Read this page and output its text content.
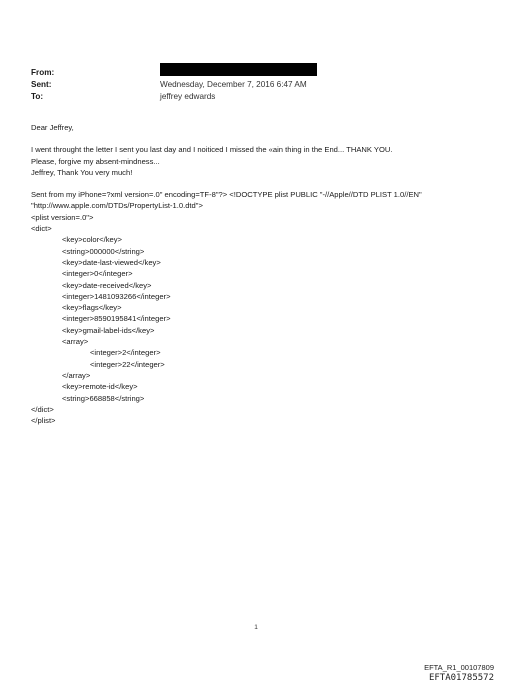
From:
Sent:	Wednesday, December 7, 2016 6:47 AM
To:	jeffrey edwards

Dear Jeffrey,

I went throught the letter I sent you last day and I noiticed I missed the «ain thing in the End... THANK YOU.

Please, forgive my absent-mindness...

Jeffrey, Thank You very much!

Sent from my iPhone=?xml version=.0" encoding=TF-8"?> <!DOCTYPE plist PUBLIC "-//Apple//DTD PLIST 1.0//EN"

"http://www.apple.com/DTDs/PropertyList-1.0.dtd">

<plist version=.0">

<dict>

<key>color</key>

<string>000000</string>

<key>date-last-viewed</key>

<integer>0</integer>

<key>date-received</key>

<integer>1481093266</integer>

<key>flags</key>

<integer>8590195841</integer>

<key>gmail-label-ids</key>

<array>

<integer>2</integer>

<integer>22</integer>

</array>

<key>remote-id</key>

<string>668858</string>

</dict>

</plist>

1
EFTA_R1_00107809
EFTA01785572
